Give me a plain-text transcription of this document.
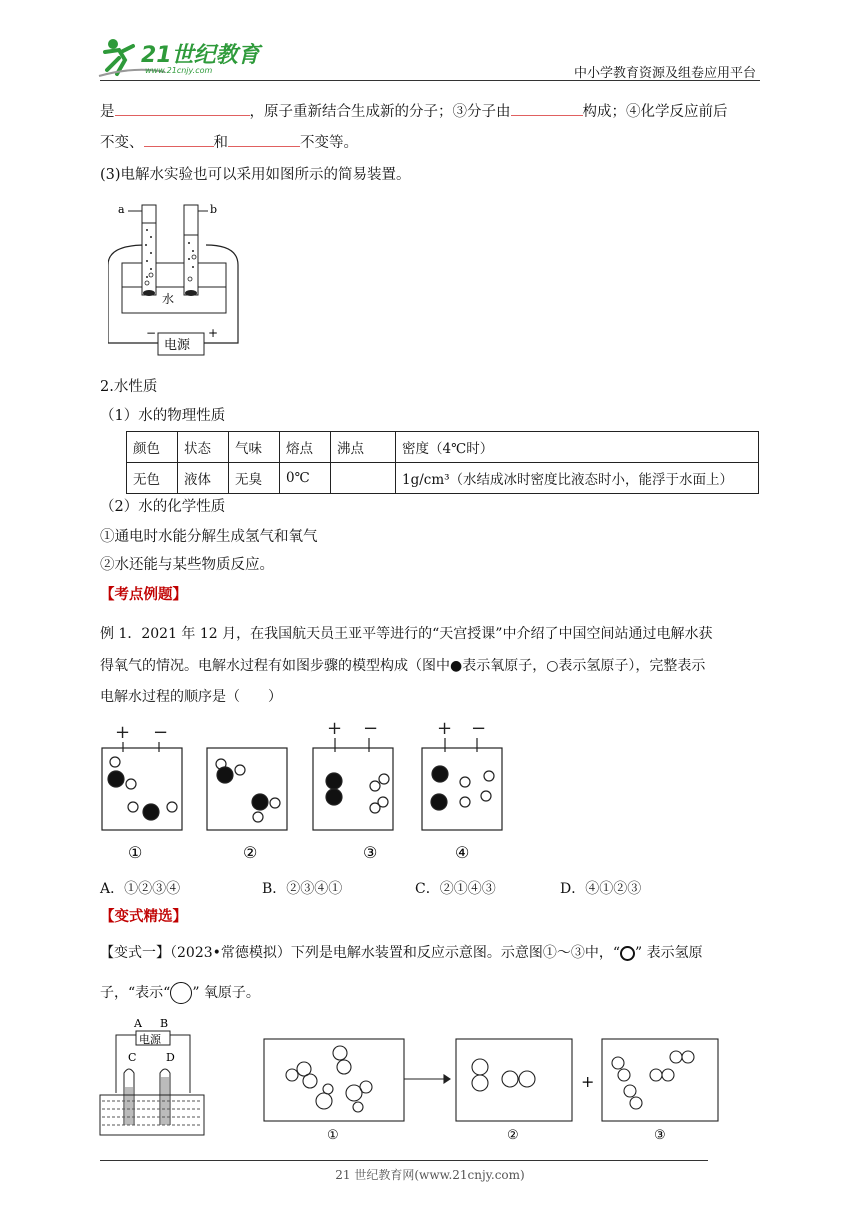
21世纪教育
www.21cnjy.com	中小学教育资源及组卷应用平台
是	，原子重新结合生成新的分子；③分子由	构成；④化学反应前后
不变、	和	不变等。
(3)电解水实验也可以采用如图所示的简易装置。
水
a	b
电源
−	+
2.水性质
（1）水的物理性质
颜色	状态	气味	熔点	沸点	密度（4℃时）
无色	液体	无臭	0℃		1g/cm³（水结成冰时密度比液态时小，能浮于水面上）
（2）水的化学性质
①通电时水能分解生成氢气和氧气
②水还能与某些物质反应。
【考点例题】
例 1．2021 年 12 月，在我国航天员王亚平等进行的“天宫授课”中介绍了中国空间站通过电解水获
得氧气的情况。电解水过程有如图步骤的模型构成（图中●表示氧原子，○表示氢原子），完整表示
电解水过程的顺序是（　　）
+ −	+ −	+ −
①	②	③	④
A．①②③④	B．②③④①	C．②①④③	D．④①②③
【变式精选】
【变式一】（2023•常德模拟）下列是电解水装置和反应示意图。示意图①～③中，“ ” 表示氢原
子，“表示“ ” 氧原子。
A B
电源
C	D
+
①	②	③
21 世纪教育网(www.21cnjy.com)
